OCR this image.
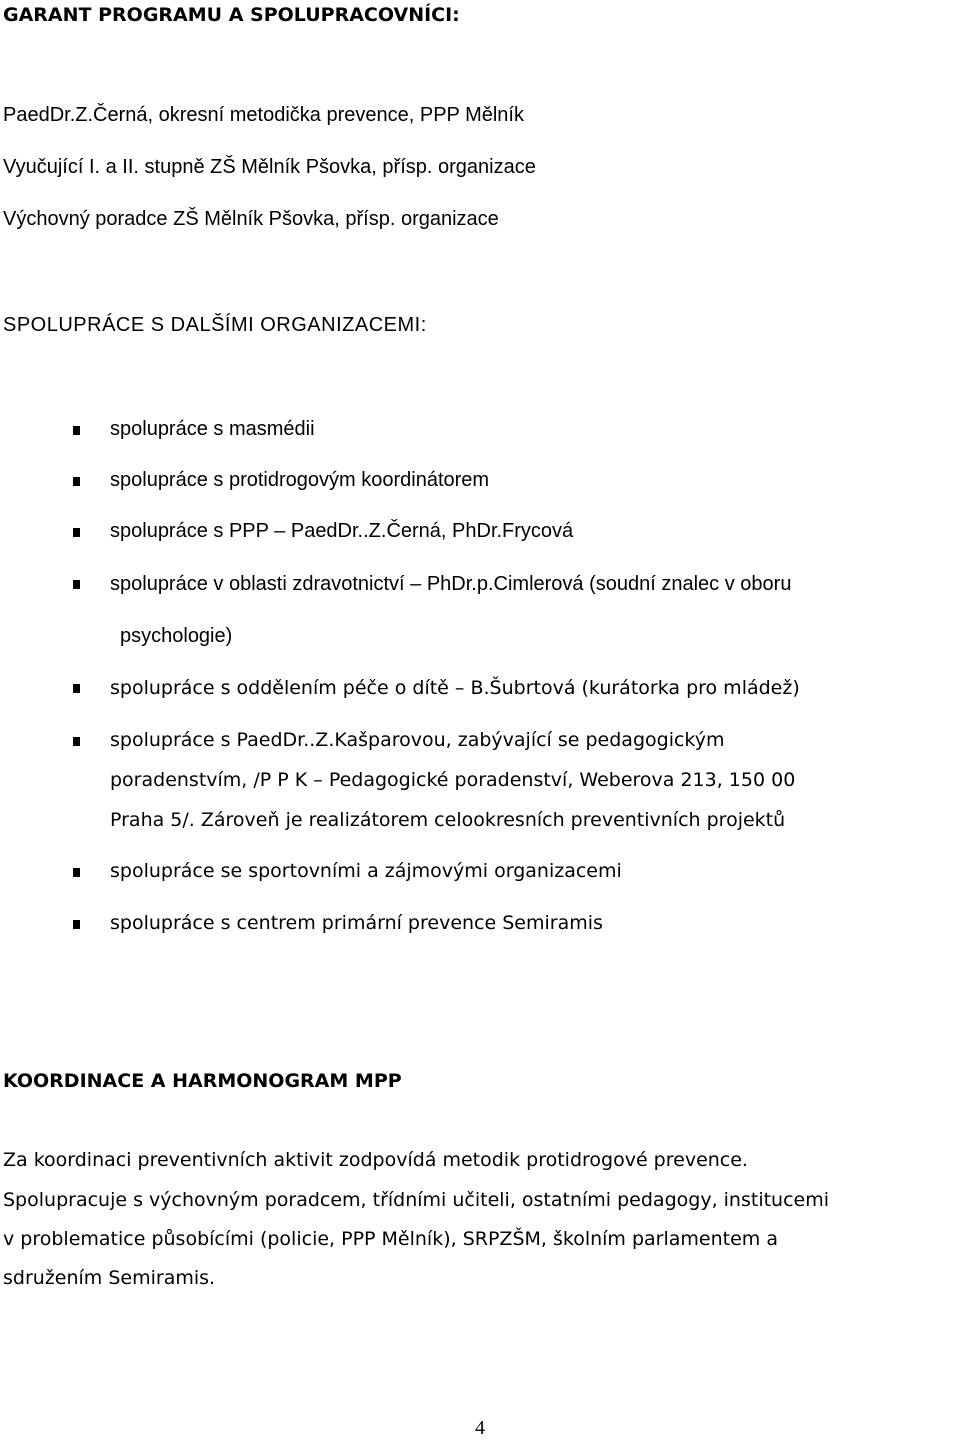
GARANT PROGRAMU A SPOLUPRACOVNÍCI:
PaedDr.Z.Černá, okresní metodička prevence, PPP Mělník
Vyučující I. a II. stupně ZŠ Mělník Pšovka, přísp. organizace
Výchovný poradce ZŠ Mělník Pšovka, přísp. organizace
SPOLUPRÁCE S DALŠÍMI ORGANIZACEMI:
spolupráce s masmédii
spolupráce s protidrogovým koordinátorem
spolupráce s PPP – PaedDr..Z.Černá, PhDr.Frycová
spolupráce v oblasti zdravotnictví – PhDr.p.Cimlerová (soudní znalec v oboru
psychologie)
spolupráce s oddělením péče o dítě – B.Šubrtová (kurátorka pro mládež)
spolupráce s PaedDr..Z.Kašparovou, zabývající se pedagogickým
poradenstvím, /P P K – Pedagogické poradenství, Weberova 213, 150 00
Praha 5/. Zároveň je realizátorem celookresních preventivních projektů
spolupráce se sportovními a zájmovými organizacemi
spolupráce s centrem primární prevence Semiramis
KOORDINACE A HARMONOGRAM MPP
Za koordinaci preventivních aktivit zodpovídá metodik protidrogové prevence.
Spolupracuje s výchovným poradcem, třídními učiteli, ostatními pedagogy, institucemi
v problematice působícími (policie, PPP Mělník), SRPZŠM, školním parlamentem a
sdružením Semiramis.
4
